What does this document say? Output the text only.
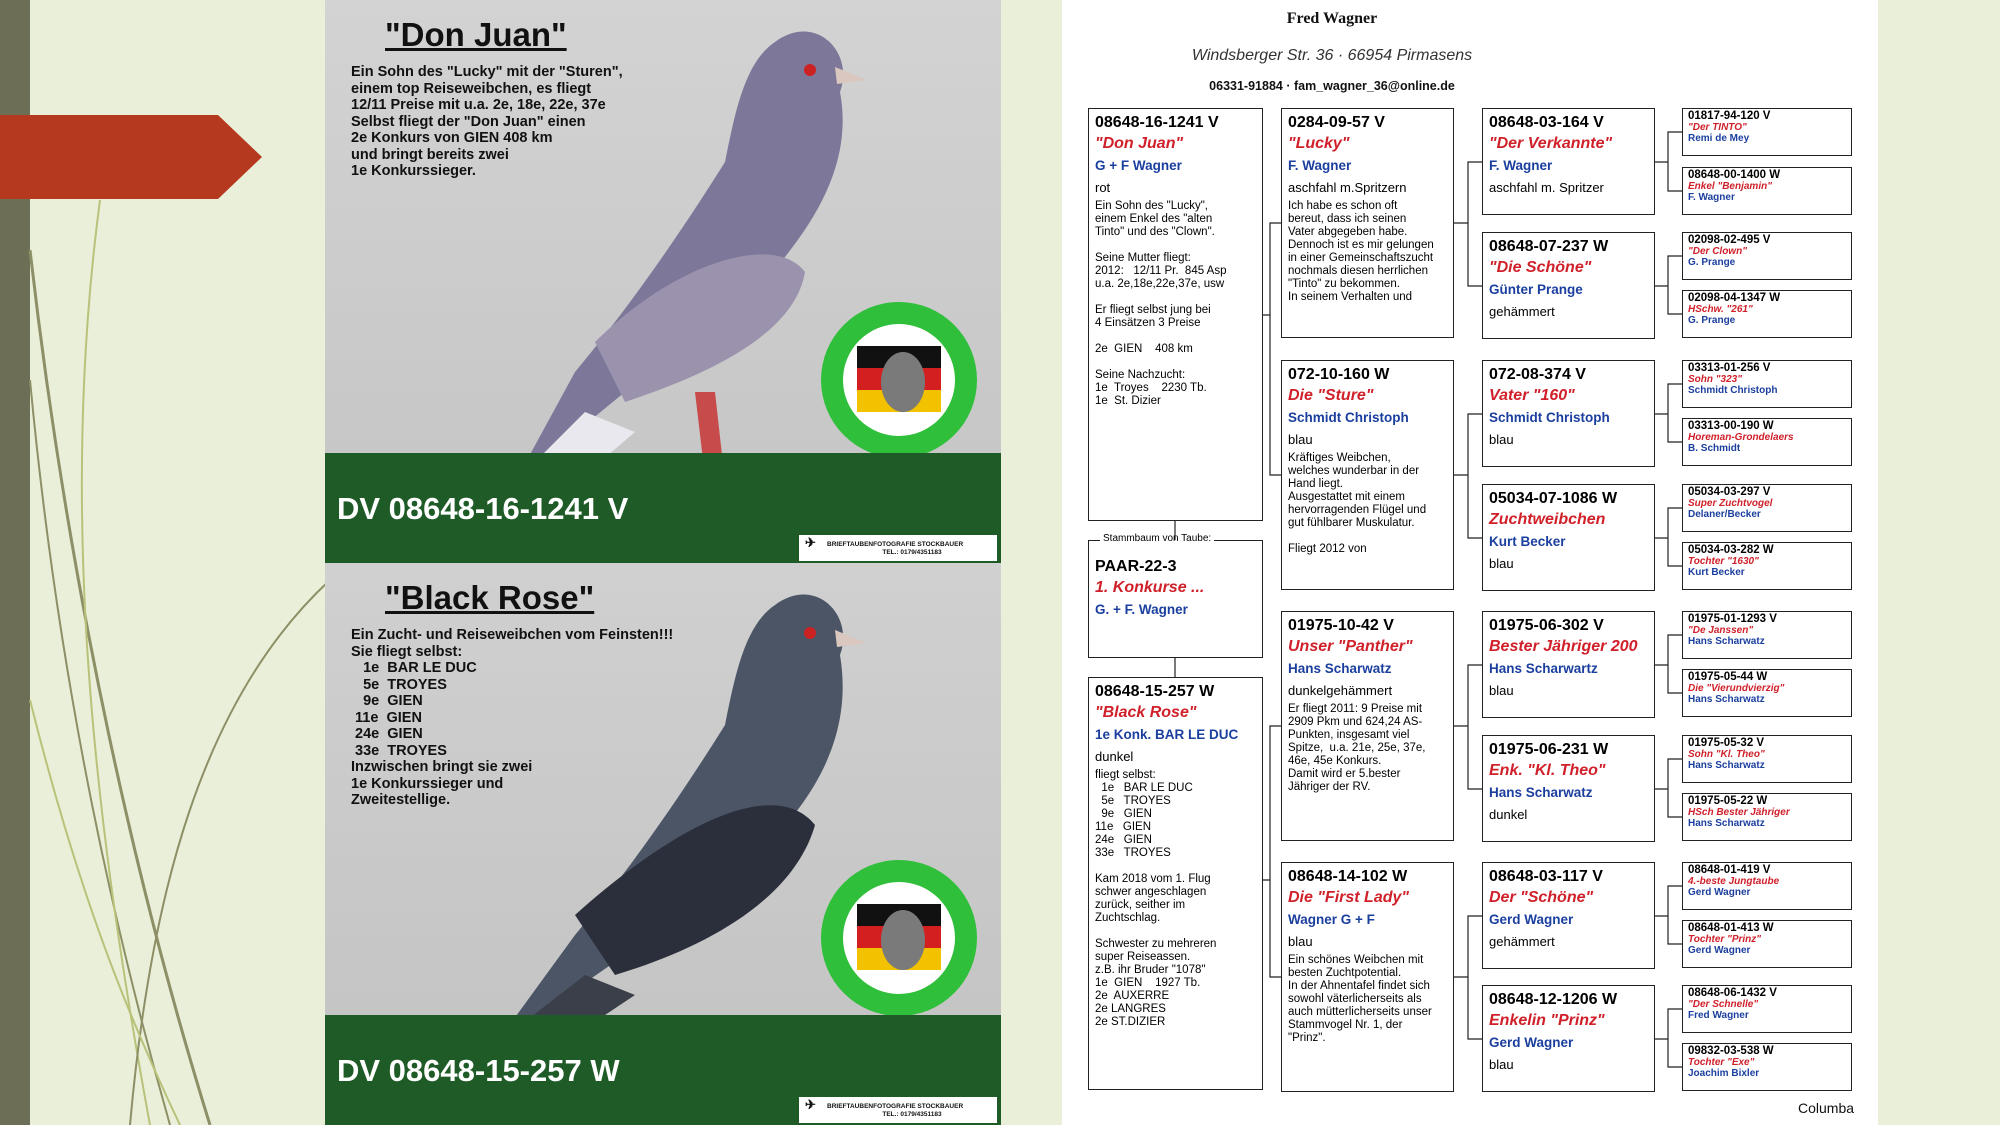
"Don Juan"
Ein Sohn des "Lucky" mit der "Sturen",
einem top Reiseweibchen, es fliegt
12/11 Preise mit u.a. 2e, 18e, 22e, 37e
Selbst fliegt der "Don Juan" einen
2e Konkurs von GIEN 408 km
und bringt bereits zwei
1e Konkurssieger.
DV 08648-16-1241 V
✈ BRIEFTAUBENFOTOGRAFIE STOCKBAUER
TEL.: 0179/4351183
"Black Rose"
Ein Zucht- und Reiseweibchen vom Feinsten!!!
Sie fliegt selbst:
1e  BAR LE DUC
5e  TROYES
9e  GIEN
11e  GIEN
24e  GIEN
33e  TROYES
Inzwischen bringt sie zwei
1e Konkurssieger und
Zweitestellige.
DV 08648-15-257 W
✈ BRIEFTAUBENFOTOGRAFIE STOCKBAUER
TEL.: 0179/4351183
Fred Wagner
Windsberger Str. 36 · 66954 Pirmasens
06331-91884 · fam_wagner_36@online.de
08648-16-1241 V
"Don Juan"
G + F Wagner
rot
Ein Sohn des "Lucky",
einem Enkel des "alten
Tinto" und des "Clown".

Seine Mutter fliegt:
2012:   12/11 Pr.  845 Asp
u.a. 2e,18e,22e,37e, usw

Er fliegt selbst jung bei
4 Einsätzen 3 Preise

2e  GIEN    408 km

Seine Nachzucht:
1e  Troyes    2230 Tb.
1e  St. Dizier
PAAR-22-3
1. Konkurse ...
G. + F. Wagner
Stammbaum von Taube:
08648-15-257 W
"Black Rose"
1e Konk. BAR LE DUC
dunkel
fliegt selbst:
1e   BAR LE DUC
5e   TROYES
9e   GIEN
11e   GIEN
24e   GIEN
33e   TROYES

Kam 2018 vom 1. Flug
schwer angeschlagen
zurück, seither im
Zuchtschlag.

Schwester zu mehreren
super Reiseassen.
z.B. ihr Bruder "1078"
1e  GIEN    1927 Tb.
2e  AUXERRE
2e LANGRES
2e ST.DIZIER
0284-09-57 V
"Lucky"
F. Wagner
aschfahl m.Spritzern
Ich habe es schon oft
bereut, dass ich seinen
Vater abgegeben habe.
Dennoch ist es mir gelungen
in einer Gemeinschaftszucht
nochmals diesen herrlichen
"Tinto" zu bekommen.
In seinem Verhalten und
072-10-160 W
Die "Sture"
Schmidt Christoph
blau
Kräftiges Weibchen,
welches wunderbar in der
Hand liegt.
Ausgestattet mit einem
hervorragenden Flügel und
gut fühlbarer Muskulatur.

Fliegt 2012 von
01975-10-42 V
Unser "Panther"
Hans Scharwatz
dunkelgehämmert
Er fliegt 2011: 9 Preise mit
2909 Pkm und 624,24 AS-
Punkten, insgesamt viel
Spitze,  u.a. 21e, 25e, 37e,
46e, 45e Konkurs.
Damit wird er 5.bester
Jähriger der RV.
08648-14-102 W
Die "First Lady"
Wagner G + F
blau
Ein schönes Weibchen mit
besten Zuchtpotential.
In der Ahnentafel findet sich
sowohl väterlicherseits als
auch mütterlicherseits unser
Stammvogel Nr. 1, der
"Prinz".
08648-03-164 V
"Der Verkannte"
F. Wagner
aschfahl m. Spritzer
08648-07-237 W
"Die Schöne"
Günter Prange
gehämmert
072-08-374 V
Vater "160"
Schmidt Christoph
blau
05034-07-1086 W
Zuchtweibchen
Kurt Becker
blau
01975-06-302 V
Bester Jähriger 200
Hans Scharwartz
blau
01975-06-231 W
Enk. "Kl. Theo"
Hans Scharwatz
dunkel
08648-03-117 V
Der "Schöne"
Gerd Wagner
gehämmert
08648-12-1206 W
Enkelin "Prinz"
Gerd Wagner
blau
01817-94-120 V
"Der TINTO"
Remi de Mey
08648-00-1400 W
Enkel "Benjamin"
F. Wagner
02098-02-495 V
"Der Clown"
G. Prange
02098-04-1347 W
HSchw. "261"
G. Prange
03313-01-256 V
Sohn "323"
Schmidt Christoph
03313-00-190 W
Horeman-Grondelaers
B. Schmidt
05034-03-297 V
Super Zuchtvogel
Delaner/Becker
05034-03-282 W
Tochter "1630"
Kurt Becker
01975-01-1293 V
"De Janssen"
Hans Scharwatz
01975-05-44 W
Die "Vierundvierzig"
Hans Scharwatz
01975-05-32 V
Sohn "Kl. Theo"
Hans Scharwatz
01975-05-22 W
HSch Bester Jähriger
Hans Scharwatz
08648-01-419 V
4.-beste Jungtaube
Gerd Wagner
08648-01-413 W
Tochter "Prinz"
Gerd Wagner
08648-06-1432 V
"Der Schnelle"
Fred Wagner
09832-03-538 W
Tochter "Exe"
Joachim Bixler
Columba
